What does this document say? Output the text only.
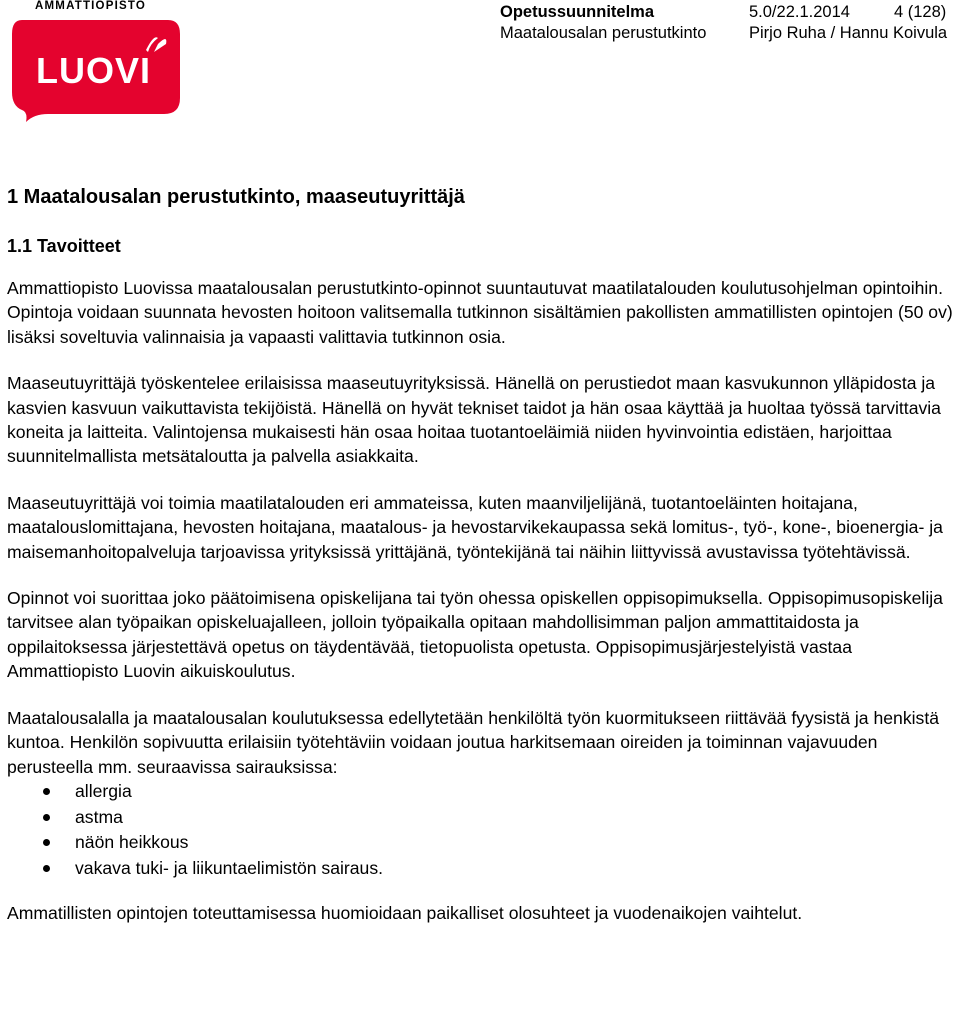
AMMATTIOPISTO
LUOVI
Opetussuunnitelma
Maatalousalan perustutkinto
5.0/22.1.2014	4 (128)
Pirjo Ruha / Hannu Koivula
1 Maatalousalan perustutkinto, maaseutuyrittäjä
1.1 Tavoitteet

Ammattiopisto Luovissa maatalousalan perustutkinto-opinnot suuntautuvat maatilatalouden koulutusohjelman opintoihin. Opintoja voidaan suunnata hevosten hoitoon valitsemalla tutkinnon sisältämien pakollisten ammatillisten opintojen (50 ov) lisäksi soveltuvia valinnaisia ja vapaasti valittavia tutkinnon osia.

Maaseutuyrittäjä työskentelee erilaisissa maaseutuyrityksissä. Hänellä on perustiedot maan kasvukunnon ylläpidosta ja kasvien kasvuun vaikuttavista tekijöistä. Hänellä on hyvät tekniset taidot ja hän osaa käyttää ja huoltaa työssä tarvittavia koneita ja laitteita. Valintojensa mukaisesti hän osaa hoitaa tuotantoeläimiä niiden hyvinvointia edistäen, harjoittaa suunnitelmallista metsätaloutta ja palvella asiakkaita.

Maaseutuyrittäjä voi toimia maatilatalouden eri ammateissa, kuten maanviljelijänä, tuotantoeläinten hoitajana, maatalouslomittajana, hevosten hoitajana, maatalous- ja hevostarvikekaupassa sekä lomitus-, työ-, kone-, bioenergia- ja maisemanhoitopalveluja tarjoavissa yrityksissä yrittäjänä, työntekijänä tai näihin liittyvissä avustavissa työtehtävissä.

Opinnot voi suorittaa joko päätoimisena opiskelijana tai työn ohessa opiskellen oppisopimuksella. Oppisopimusopiskelija tarvitsee alan työpaikan opiskeluajalleen, jolloin työpaikalla opitaan mahdollisimman paljon ammattitaidosta ja oppilaitoksessa järjestettävä opetus on täydentävää, tietopuolista opetusta. Oppisopimusjärjestelyistä vastaa Ammattiopisto Luovin aikuiskoulutus.

Maatalousalalla ja maatalousalan koulutuksessa edellytetään henkilöltä työn kuormitukseen riittävää fyysistä ja henkistä kuntoa. Henkilön sopivuutta erilaisiin työtehtäviin voidaan joutua harkitsemaan oireiden ja toiminnan vajavuuden perusteella mm. seuraavissa sairauksissa:

allergia
astma
näön heikkous
vakava tuki- ja liikuntaelimistön sairaus.

Ammatillisten opintojen toteuttamisessa huomioidaan paikalliset olosuhteet ja vuodenaikojen vaihtelut.
